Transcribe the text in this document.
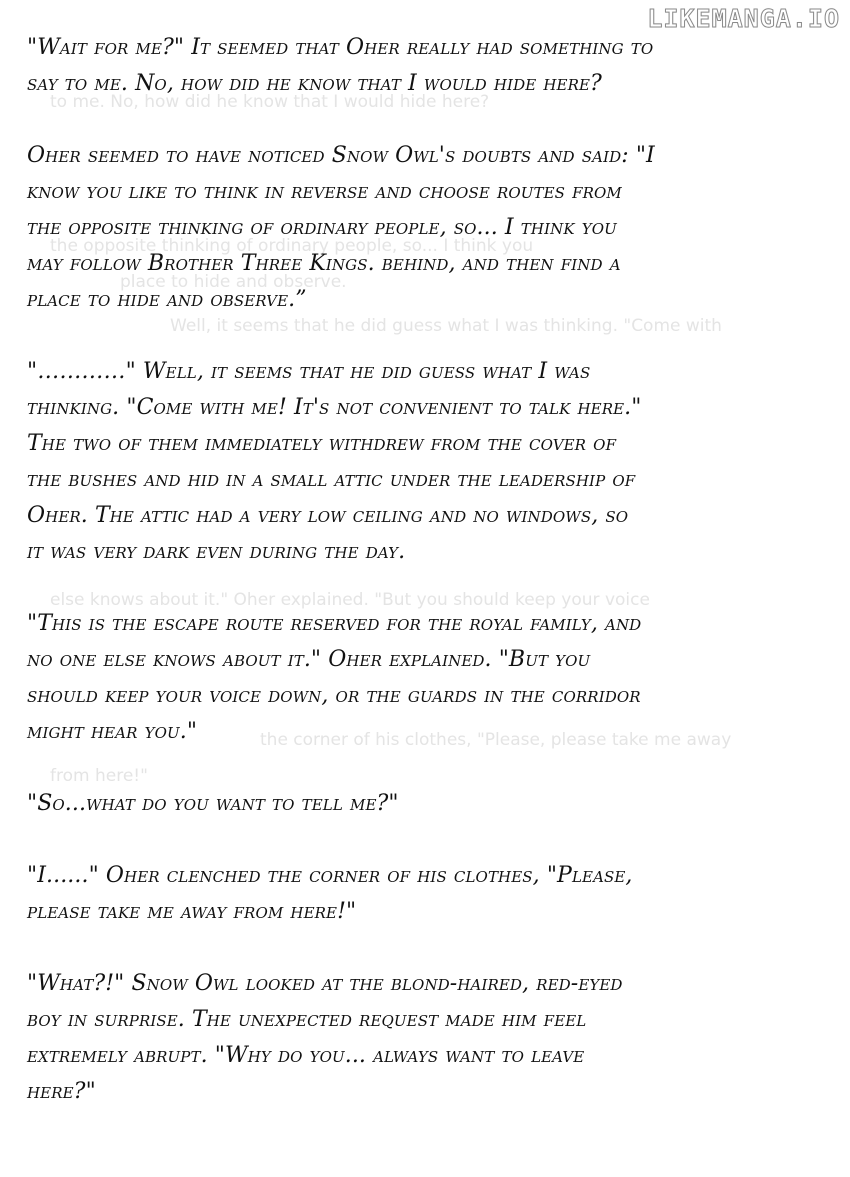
LIKEMANGA.IO
to me. No, how did he know that I would hide here?
the opposite thinking of ordinary people, so... I think you
place to hide and observe.
Well, it seems that he did guess what I was thinking. "Come with
else knows about it." Oher explained. "But you should keep your voice
the corner of his clothes, "Please, please take me away
from here!"

"Wait for me?" It seemed that Oher really had something to
say to me. No, how did he know that I would hide here?

Oher seemed to have noticed Snow Owl's doubts and said: "I
know you like to think in reverse and choose routes from
the opposite thinking of ordinary people, so... I think you
may follow Brother Three Kings. behind, and then find a
place to hide and observe.”

"…………" Well, it seems that he did guess what I was
thinking. "Come with me! It's not convenient to talk here."
The two of them immediately withdrew from the cover of
the bushes and hid in a small attic under the leadership of
Oher. The attic had a very low ceiling and no windows, so
it was very dark even during the day.

"This is the escape route reserved for the royal family, and
no one else knows about it." Oher explained. "But you
should keep your voice down, or the guards in the corridor
might hear you."

"So...what do you want to tell me?"

"I......" Oher clenched the corner of his clothes, "Please,
please take me away from here!"

"What?!" Snow Owl looked at the blond-haired, red-eyed
boy in surprise. The unexpected request made him feel
extremely abrupt. "Why do you... always want to leave
here?"
